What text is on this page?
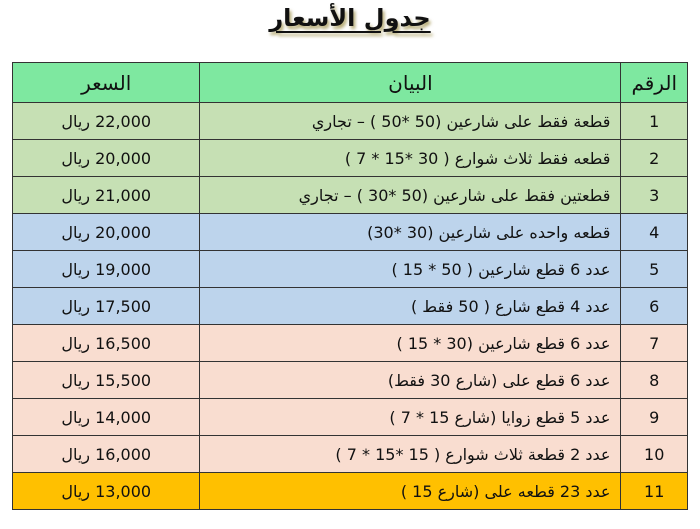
جدول الأسعار
الرقم	البيان	السعر
1	قطعة فقط على شارعين (50 *50 ) – تجاري	22,000 ريال
2	قطعه فقط ثلاث شوارع ( 30 *15 * 7 )	20,000 ريال
3	قطعتين فقط على شارعين (50 *30 ) – تجاري	21,000 ريال
4	قطعه واحده على شارعين (30 *30)	20,000 ريال
5	عدد 6 قطع شارعين ( 50 * 15 )	19,000 ريال
6	عدد 4 قطع شارع ( 50 فقط )	17,500 ريال
7	عدد 6 قطع شارعين (30 * 15 )	16,500 ريال
8	عدد 6 قطع على (شارع 30 فقط)	15,500 ريال
9	عدد 5 قطع زوايا (شارع 15 * 7 )	14,000 ريال
10	عدد 2 قطعة ثلاث شوارع ( 15 *15 * 7 )	16,000 ريال
11	عدد 23 قطعه على (شارع 15 )	13,000 ريال
